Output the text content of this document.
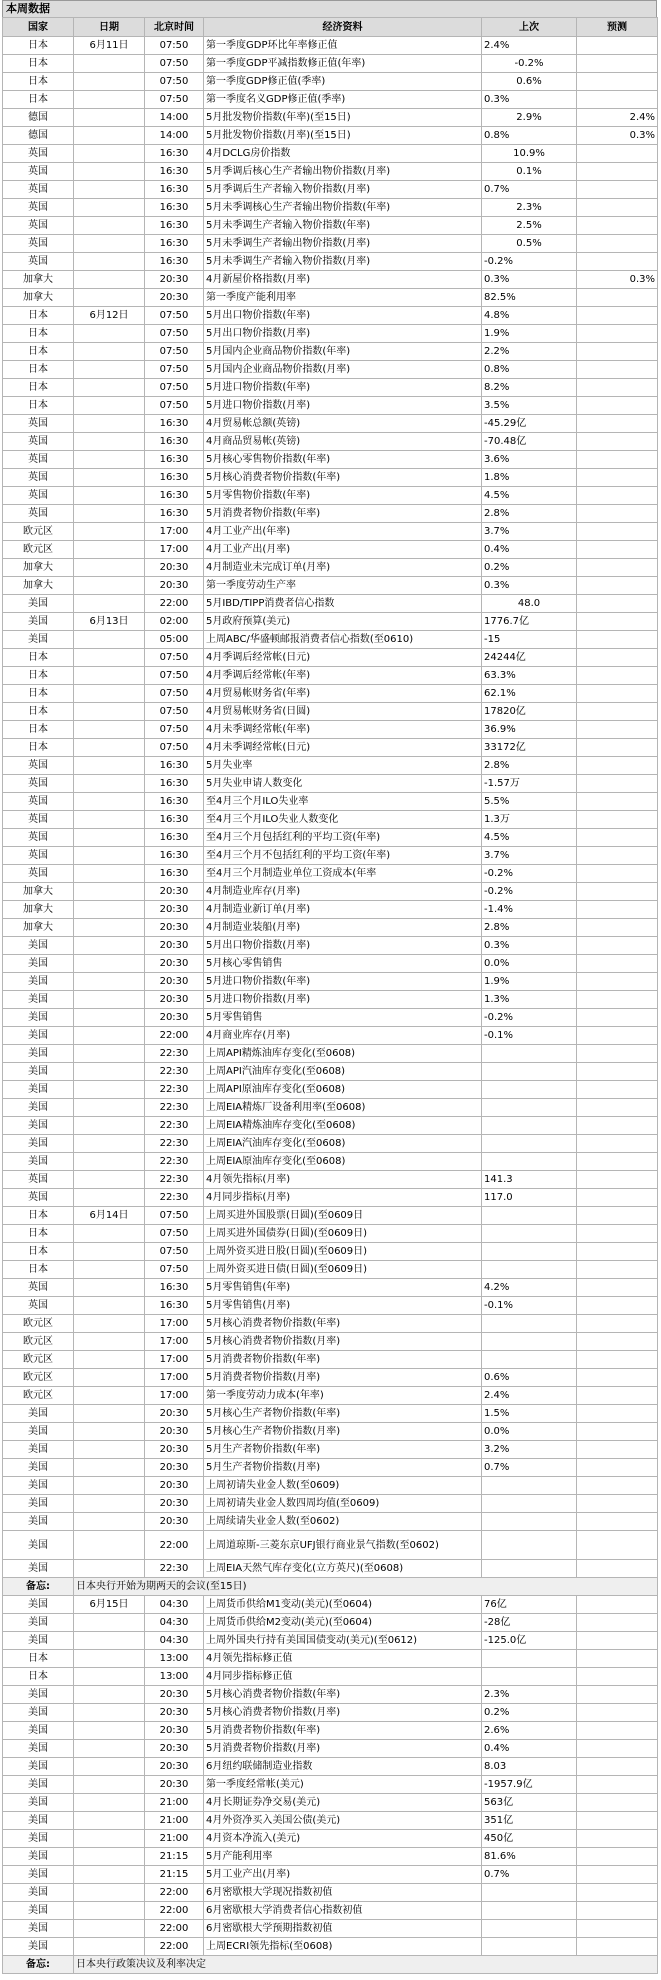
本周数据
国家	日期	北京时间	经济资料	上次	预测
日本	6月11日	07:50	第一季度GDP环比年率修正值	2.4%	
日本		07:50	第一季度GDP平减指数修正值(年率)	-0.2%	
日本		07:50	第一季度GDP修正值(季率)	0.6%	
日本		07:50	第一季度名义GDP修正值(季率)	0.3%	
德国		14:00	5月批发物价指数(年率)(至15日)	2.9%	2.4%
德国		14:00	5月批发物价指数(月率)(至15日)	0.8%	0.3%
英国		16:30	4月DCLG房价指数	10.9%	
英国		16:30	5月季调后核心生产者输出物价指数(月率)	0.1%	
英国		16:30	5月季调后生产者输入物价指数(月率)	0.7%	
英国		16:30	5月未季调核心生产者输出物价指数(年率)	2.3%	
英国		16:30	5月未季调生产者输入物价指数(年率)	2.5%	
英国		16:30	5月未季调生产者输出物价指数(月率)	0.5%	
英国		16:30	5月未季调生产者输入物价指数(月率)	-0.2%	
加拿大		20:30	4月新屋价格指数(月率)	0.3%	0.3%
加拿大		20:30	第一季度产能利用率	82.5%	
日本	6月12日	07:50	5月出口物价指数(年率)	4.8%	
日本		07:50	5月出口物价指数(月率)	1.9%	
日本		07:50	5月国内企业商品物价指数(年率)	2.2%	
日本		07:50	5月国内企业商品物价指数(月率)	0.8%	
日本		07:50	5月进口物价指数(年率)	8.2%	
日本		07:50	5月进口物价指数(月率)	3.5%	
英国		16:30	4月贸易帐总额(英镑)	-45.29亿	
英国		16:30	4月商品贸易帐(英镑)	-70.48亿	
英国		16:30	5月核心零售物价指数(年率)	3.6%	
英国		16:30	5月核心消费者物价指数(年率)	1.8%	
英国		16:30	5月零售物价指数(年率)	4.5%	
英国		16:30	5月消费者物价指数(年率)	2.8%	
欧元区		17:00	4月工业产出(年率)	3.7%	
欧元区		17:00	4月工业产出(月率)	0.4%	
加拿大		20:30	4月制造业未完成订单(月率)	0.2%	
加拿大		20:30	第一季度劳动生产率	0.3%	
美国		22:00	5月IBD/TIPP消费者信心指数	48.0	
美国	6月13日	02:00	5月政府预算(美元)	1776.7亿	
美国		05:00	上周ABC/华盛顿邮报消费者信心指数(至0610)	-15	
日本		07:50	4月季调后经常帐(日元)	24244亿	
日本		07:50	4月季调后经常帐(年率)	63.3%	
日本		07:50	4月贸易帐财务省(年率)	62.1%	
日本		07:50	4月贸易帐财务省(日圆)	17820亿	
日本		07:50	4月未季调经常帐(年率)	36.9%	
日本		07:50	4月未季调经常帐(日元)	33172亿	
英国		16:30	5月失业率	2.8%	
英国		16:30	5月失业申请人数变化	-1.57万	
英国		16:30	至4月三个月ILO失业率	5.5%	
英国		16:30	至4月三个月ILO失业人数变化	1.3万	
英国		16:30	至4月三个月包括红利的平均工资(年率)	4.5%	
英国		16:30	至4月三个月不包括红利的平均工资(年率)	3.7%	
英国		16:30	至4月三个月制造业单位工资成本(年率	-0.2%	
加拿大		20:30	4月制造业库存(月率)	-0.2%	
加拿大		20:30	4月制造业新订单(月率)	-1.4%	
加拿大		20:30	4月制造业装船(月率)	2.8%	
美国		20:30	5月出口物价指数(月率)	0.3%	
美国		20:30	5月核心零售销售	0.0%	
美国		20:30	5月进口物价指数(年率)	1.9%	
美国		20:30	5月进口物价指数(月率)	1.3%	
美国		20:30	5月零售销售	-0.2%	
美国		22:00	4月商业库存(月率)	-0.1%	
美国		22:30	上周API精炼油库存变化(至0608)		
美国		22:30	上周API汽油库存变化(至0608)		
美国		22:30	上周API原油库存变化(至0608)		
美国		22:30	上周EIA精炼厂设备利用率(至0608)		
美国		22:30	上周EIA精炼油库存变化(至0608)		
美国		22:30	上周EIA汽油库存变化(至0608)		
美国		22:30	上周EIA原油库存变化(至0608)		
英国		22:30	4月领先指标(月率)	141.3	
英国		22:30	4月同步指标(月率)	117.0	
日本	6月14日	07:50	上周买进外国股票(日圆)(至0609日		
日本		07:50	上周买进外国债券(日圆)(至0609日)		
日本		07:50	上周外资买进日股(日圆)(至0609日)		
日本		07:50	上周外资买进日债(日圆)(至0609日)		
英国		16:30	5月零售销售(年率)	4.2%	
英国		16:30	5月零售销售(月率)	-0.1%	
欧元区		17:00	5月核心消费者物价指数(年率)		
欧元区		17:00	5月核心消费者物价指数(月率)		
欧元区		17:00	5月消费者物价指数(年率)		
欧元区		17:00	5月消费者物价指数(月率)	0.6%	
欧元区		17:00	第一季度劳动力成本(年率)	2.4%	
美国		20:30	5月核心生产者物价指数(年率)	1.5%	
美国		20:30	5月核心生产者物价指数(月率)	0.0%	
美国		20:30	5月生产者物价指数(年率)	3.2%	
美国		20:30	5月生产者物价指数(月率)	0.7%	
美国		20:30	上周初请失业金人数(至0609)		
美国		20:30	上周初请失业金人数四周均值(至0609)		
美国		20:30	上周续请失业金人数(至0602)		
美国		22:00	上周道琼斯-三菱东京UFJ银行商业景气指数(至0602)		
美国		22:30	上周EIA天然气库存变化(立方英尺)(至0608)		
备忘:	日本央行开始为期两天的会议(至15日)				
美国	6月15日	04:30	上周货币供给M1变动(美元)(至0604)	76亿	
美国		04:30	上周货币供给M2变动(美元)(至0604)	-28亿	
美国		04:30	上周外国央行持有美国国债变动(美元)(至0612)	-125.0亿	
日本		13:00	4月领先指标修正值		
日本		13:00	4月同步指标修正值		
美国		20:30	5月核心消费者物价指数(年率)	2.3%	
美国		20:30	5月核心消费者物价指数(月率)	0.2%	
美国		20:30	5月消费者物价指数(年率)	2.6%	
美国		20:30	5月消费者物价指数(月率)	0.4%	
美国		20:30	6月纽约联储制造业指数	8.03	
美国		20:30	第一季度经常帐(美元)	-1957.9亿	
美国		21:00	4月长期证券净交易(美元)	563亿	
美国		21:00	4月外资净买入美国公债(美元)	351亿	
美国		21:00	4月资本净流入(美元)	450亿	
美国		21:15	5月产能利用率	81.6%	
美国		21:15	5月工业产出(月率)	0.7%	
美国		22:00	6月密歇根大学现况指数初值		
美国		22:00	6月密歇根大学消费者信心指数初值		
美国		22:00	6月密歇根大学预期指数初值		
美国		22:00	上周ECRI领先指标(至0608)		
备忘:	日本央行政策决议及利率决定				
